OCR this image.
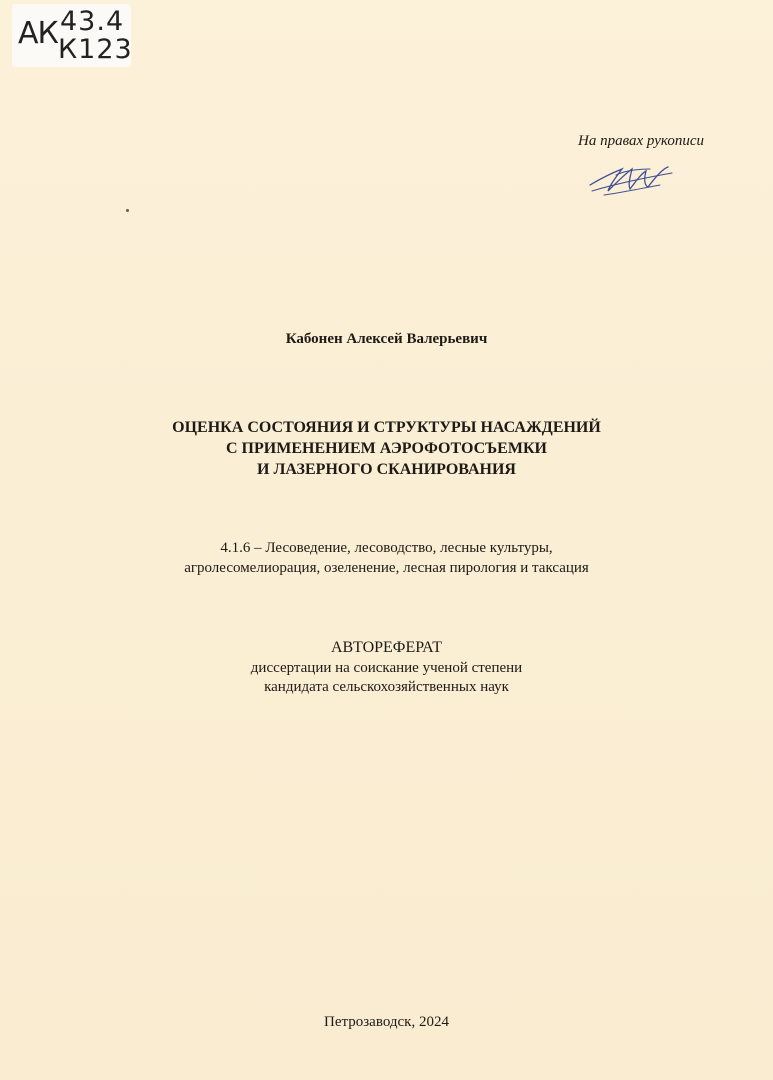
АК 43.4
К123
На правах рукописи
Кабонен Алексей Валерьевич
ОЦЕНКА СОСТОЯНИЯ И СТРУКТУРЫ НАСАЖДЕНИЙ
С ПРИМЕНЕНИЕМ АЭРОФОТОСЪЕМКИ
И ЛАЗЕРНОГО СКАНИРОВАНИЯ
4.1.6 – Лесоведение, лесоводство, лесные культуры,
агролесомелиорация, озеленение, лесная пирология и таксация
АВТОРЕФЕРАТ
диссертации на соискание ученой степени
кандидата сельскохозяйственных наук
Петрозаводск, 2024
